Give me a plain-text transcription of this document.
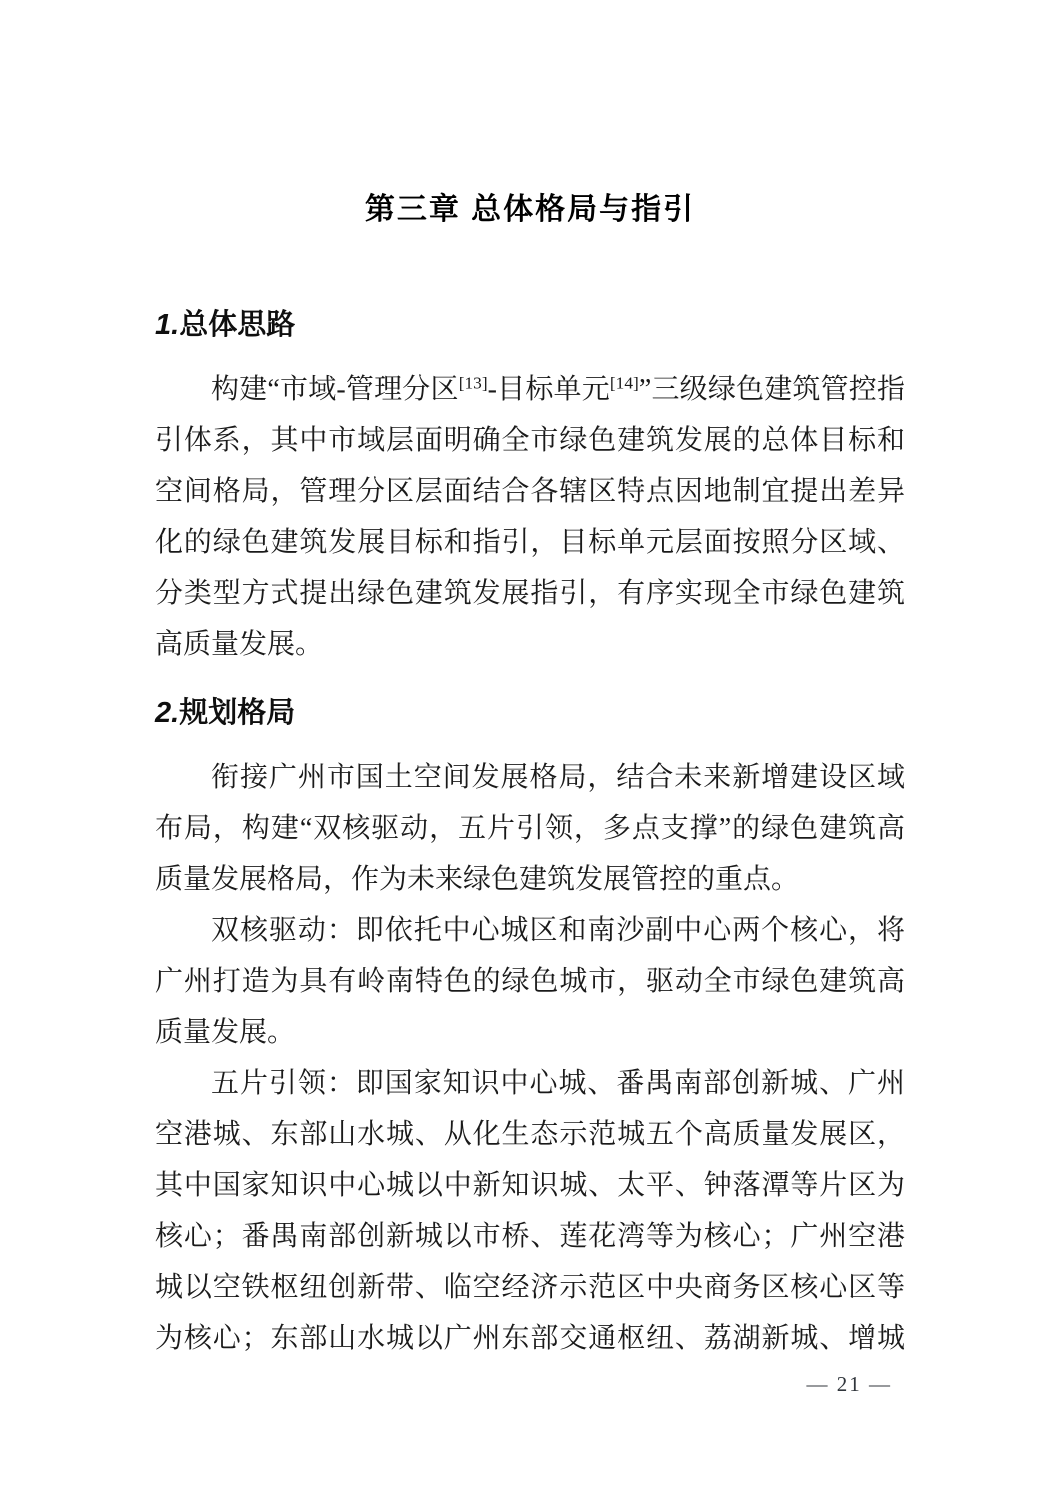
第三章 总体格局与指引
1.总体思路

构建“市域-管理分区[13]-目标单元[14]”三级绿色建筑管控指引体系，其中市域层面明确全市绿色建筑发展的总体目标和空间格局，管理分区层面结合各辖区特点因地制宜提出差异化的绿色建筑发展目标和指引，目标单元层面按照分区域、分类型方式提出绿色建筑发展指引，有序实现全市绿色建筑高质量发展。

2.规划格局

衔接广州市国土空间发展格局，结合未来新增建设区域布局，构建“双核驱动，五片引领，多点支撑”的绿色建筑高质量发展格局，作为未来绿色建筑发展管控的重点。

双核驱动：即依托中心城区和南沙副中心两个核心，将广州打造为具有岭南特色的绿色城市，驱动全市绿色建筑高质量发展。

五片引领：即国家知识中心城、番禺南部创新城、广州空港城、东部山水城、从化生态示范城五个高质量发展区，其中国家知识中心城以中新知识城、太平、钟落潭等片区为核心；番禺南部创新城以市桥、莲花湾等为核心；广州空港城以空铁枢纽创新带、临空经济示范区中央商务区核心区等为核心；东部山水城以广州东部交通枢纽、荔湖新城、增城

— 21 —
